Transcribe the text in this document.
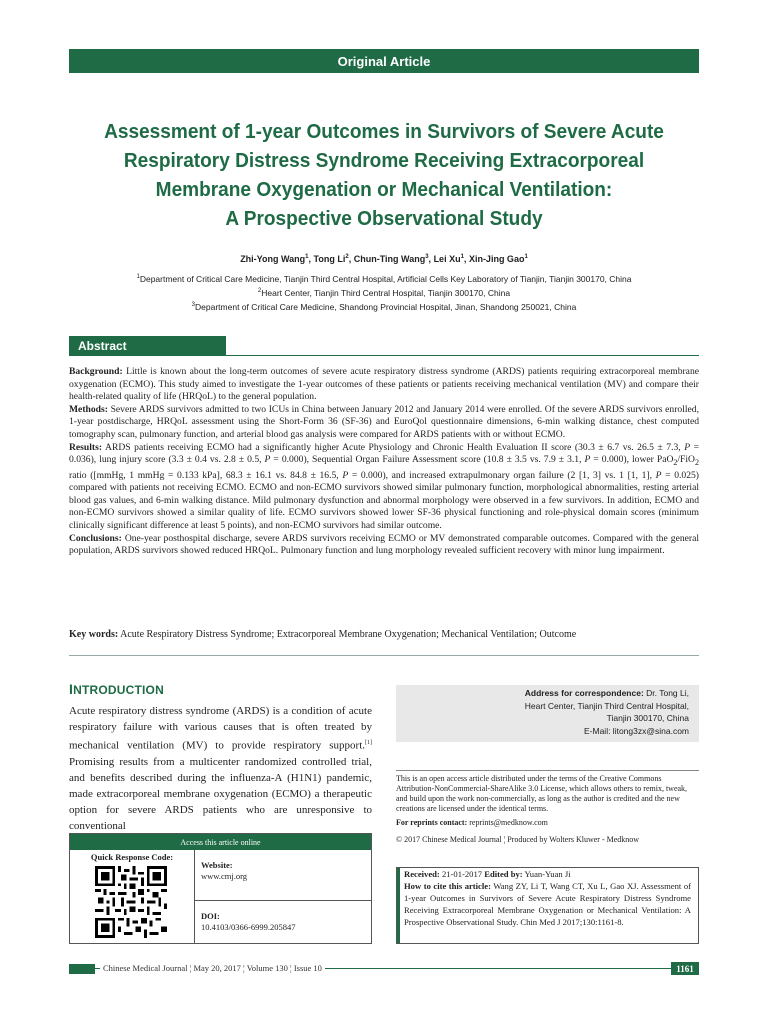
Original Article
Assessment of 1-year Outcomes in Survivors of Severe Acute
Respiratory Distress Syndrome Receiving Extracorporeal
Membrane Oxygenation or Mechanical Ventilation:
A Prospective Observational Study
Zhi-Yong Wang$^1$, Tong Li$^2$, Chun-Ting Wang$^3$, Lei Xu$^1$, Xin-Jing Gao$^1$
$^1$Department of Critical Care Medicine, Tianjin Third Central Hospital, Artificial Cells Key Laboratory of Tianjin, Tianjin 300170, China
$^2$Heart Center, Tianjin Third Central Hospital, Tianjin 300170, China
$^3$Department of Critical Care Medicine, Shandong Provincial Hospital, Jinan, Shandong 250021, China
Abstract

Background: Little is known about the long-term outcomes of severe acute respiratory distress syndrome (ARDS) patients requiring extracorporeal membrane oxygenation (ECMO). This study aimed to investigate the 1-year outcomes of these patients or patients receiving mechanical ventilation (MV) and compare their health-related quality of life (HRQoL) to the general population.

Methods: Severe ARDS survivors admitted to two ICUs in China between January 2012 and January 2014 were enrolled. Of the severe ARDS survivors enrolled, 1-year postdischarge, HRQoL assessment using the Short-Form 36 (SF-36) and EuroQol questionnaire dimensions, 6-min walking distance, chest computed tomography scan, pulmonary function, and arterial blood gas analysis were compared for ARDS patients with or without ECMO.

Results: ARDS patients receiving ECMO had a significantly higher Acute Physiology and Chronic Health Evaluation II score (30.3 ± 6.7 vs. 26.5 ± 7.3, P = 0.036), lung injury score (3.3 ± 0.4 vs. 2.8 ± 0.5, P = 0.000), Sequential Organ Failure Assessment score (10.8 ± 3.5 vs. 7.9 ± 3.1, P = 0.000), lower PaO$_2$/FiO$_2$ ratio ([mmHg, 1 mmHg = 0.133 kPa], 68.3 ± 16.1 vs. 84.8 ± 16.5, P = 0.000), and increased extrapulmonary organ failure (2 [1, 3] vs. 1 [1, 1], P = 0.025) compared with patients not receiving ECMO. ECMO and non-ECMO survivors showed similar pulmonary function, morphological abnormalities, resting arterial blood gas values, and 6-min walking distance. Mild pulmonary dysfunction and abnormal morphology were observed in a few survivors. In addition, ECMO and non-ECMO survivors showed a similar quality of life. ECMO survivors showed lower SF-36 physical functioning and role-physical domain scores (minimum clinically significant difference at least 5 points), and non-ECMO survivors had similar outcome.

Conclusions: One-year posthospital discharge, severe ARDS survivors receiving ECMO or MV demonstrated comparable outcomes. Compared with the general population, ARDS survivors showed reduced HRQoL. Pulmonary function and lung morphology revealed sufficient recovery with minor lung impairment.

Key words: Acute Respiratory Distress Syndrome; Extracorporeal Membrane Oxygenation; Mechanical Ventilation; Outcome
INTRODUCTION
Acute respiratory distress syndrome (ARDS) is a condition of acute respiratory failure with various causes that is often treated by mechanical ventilation (MV) to provide respiratory support.[1] Promising results from a multicenter randomized controlled trial, and benefits described during the influenza-A (H1N1) pandemic, made extracorporeal membrane oxygenation (ECMO) a therapeutic option for severe ARDS patients who are unresponsive to conventional
Address for correspondence: Dr. Tong Li,
Heart Center, Tianjin Third Central Hospital,
Tianjin 300170, China
E-Mail: litong3zx@sina.com
This is an open access article distributed under the terms of the Creative Commons Attribution-NonCommercial-ShareAlike 3.0 License, which allows others to remix, tweak, and build upon the work non-commercially, as long as the author is credited and the new creations are licensed under the identical terms.
For reprints contact: reprints@medknow.com
© 2017 Chinese Medical Journal ¦ Produced by Wolters Kluwer - Medknow
Access this article online
Quick Response Code:
Website:
www.cmj.org
DOI:
10.4103/0366-6999.205847
Received: 21-01-2017 Edited by: Yuan-Yuan Ji
How to cite this article: Wang ZY, Li T, Wang CT, Xu L, Gao XJ. Assessment of 1-year Outcomes in Survivors of Severe Acute Respiratory Distress Syndrome Receiving Extracorporeal Membrane Oxygenation or Mechanical Ventilation: A Prospective Observational Study. Chin Med J 2017;130:1161-8.
Chinese Medical Journal ¦ May 20, 2017 ¦ Volume 130 ¦ Issue 10	1161
